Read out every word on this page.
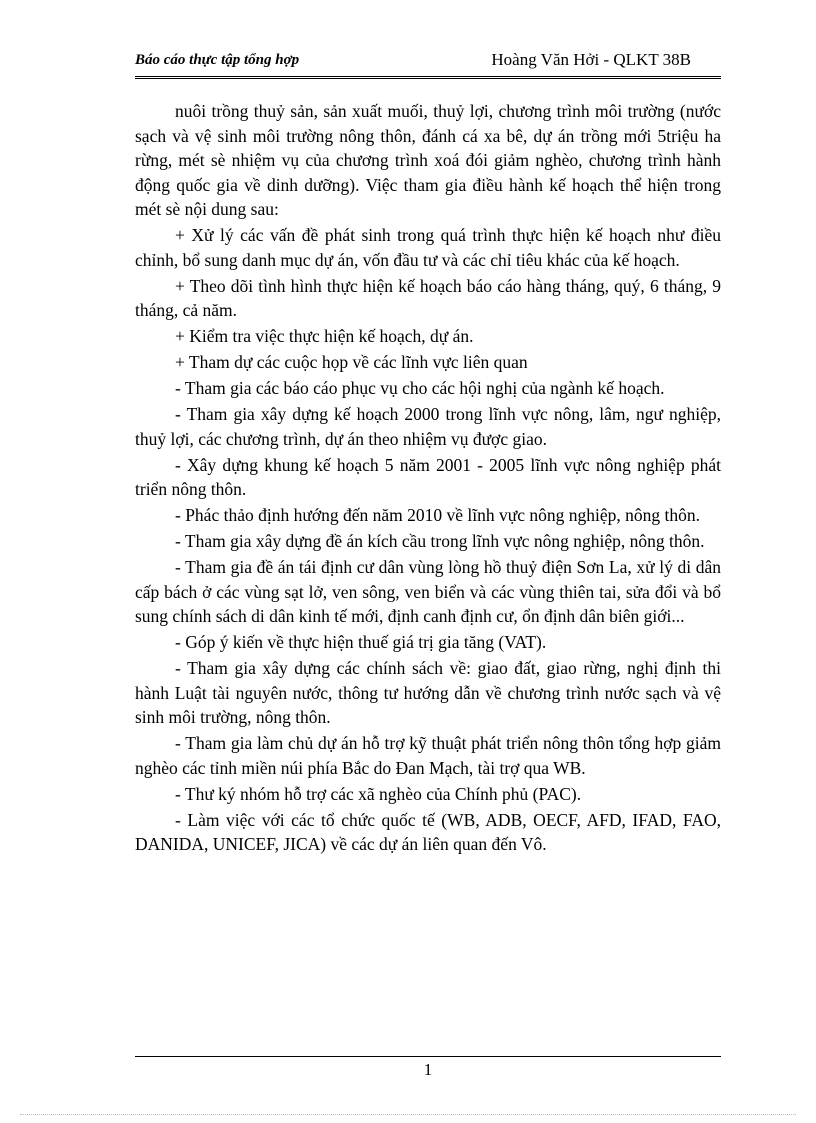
Báo cáo thực tập tổng hợp	Hoàng Văn Hởi - QLKT 38B

nuôi trồng thuỷ sản, sản xuất muối, thuỷ lợi, chương trình môi trường (nước sạch và vệ sinh môi trường nông thôn, đánh cá xa bê, dự án trồng mới 5triệu ha rừng, mét sè nhiệm vụ của chương trình xoá đói giảm nghèo, chương trình hành động quốc gia về dinh dưỡng). Việc tham gia điều hành kế hoạch thể hiện trong mét sè nội dung sau:

+ Xử lý các vấn đề phát sinh trong quá trình thực hiện kế hoạch như điều chỉnh, bổ sung danh mục dự án, vốn đầu tư và các chỉ tiêu khác của kế hoạch.

+ Theo dõi tình hình thực hiện kế hoạch báo cáo hàng tháng, quý, 6 tháng, 9 tháng, cả năm.

+ Kiểm tra việc thực hiện kế hoạch, dự án.

+ Tham dự các cuộc họp về các lĩnh vực liên quan

- Tham gia các báo cáo phục vụ cho các hội nghị của ngành kế hoạch.

- Tham gia xây dựng kế hoạch 2000 trong lĩnh vực nông, lâm, ngư nghiệp, thuỷ lợi, các chương trình, dự án theo nhiệm vụ được giao.

- Xây dựng khung kế hoạch 5 năm 2001 - 2005 lĩnh vực nông nghiệp phát triển nông thôn.

- Phác thảo định hướng đến năm 2010 về lĩnh vực nông nghiệp, nông thôn.

- Tham gia xây dựng đề án kích cầu trong lĩnh vực nông nghiệp, nông thôn.

- Tham gia đề án tái định cư dân vùng lòng hồ thuỷ điện Sơn La, xử lý di dân cấp bách ở các vùng sạt lở, ven sông, ven biển và các vùng thiên tai, sửa đổi và bổ sung chính sách di dân kinh tế mới, định canh định cư, ổn định dân biên giới...

- Góp ý kiến về thực hiện thuế giá trị gia tăng (VAT).

- Tham gia xây dựng các chính sách về: giao đất, giao rừng, nghị định thi hành Luật tài nguyên nước, thông tư hướng dẫn về chương trình nước sạch và vệ sinh môi trường, nông thôn.

- Tham gia làm chủ dự án hỗ trợ kỹ thuật phát triển nông thôn tổng hợp giảm nghèo các tỉnh miền núi phía Bắc do Đan Mạch, tài trợ qua WB.

- Thư ký nhóm hỗ trợ các xã nghèo của Chính phủ (PAC).

- Làm việc với các tổ chức quốc tế (WB, ADB, OECF, AFD, IFAD, FAO, DANIDA, UNICEF, JICA) về các dự án liên quan đến Vô.

1
